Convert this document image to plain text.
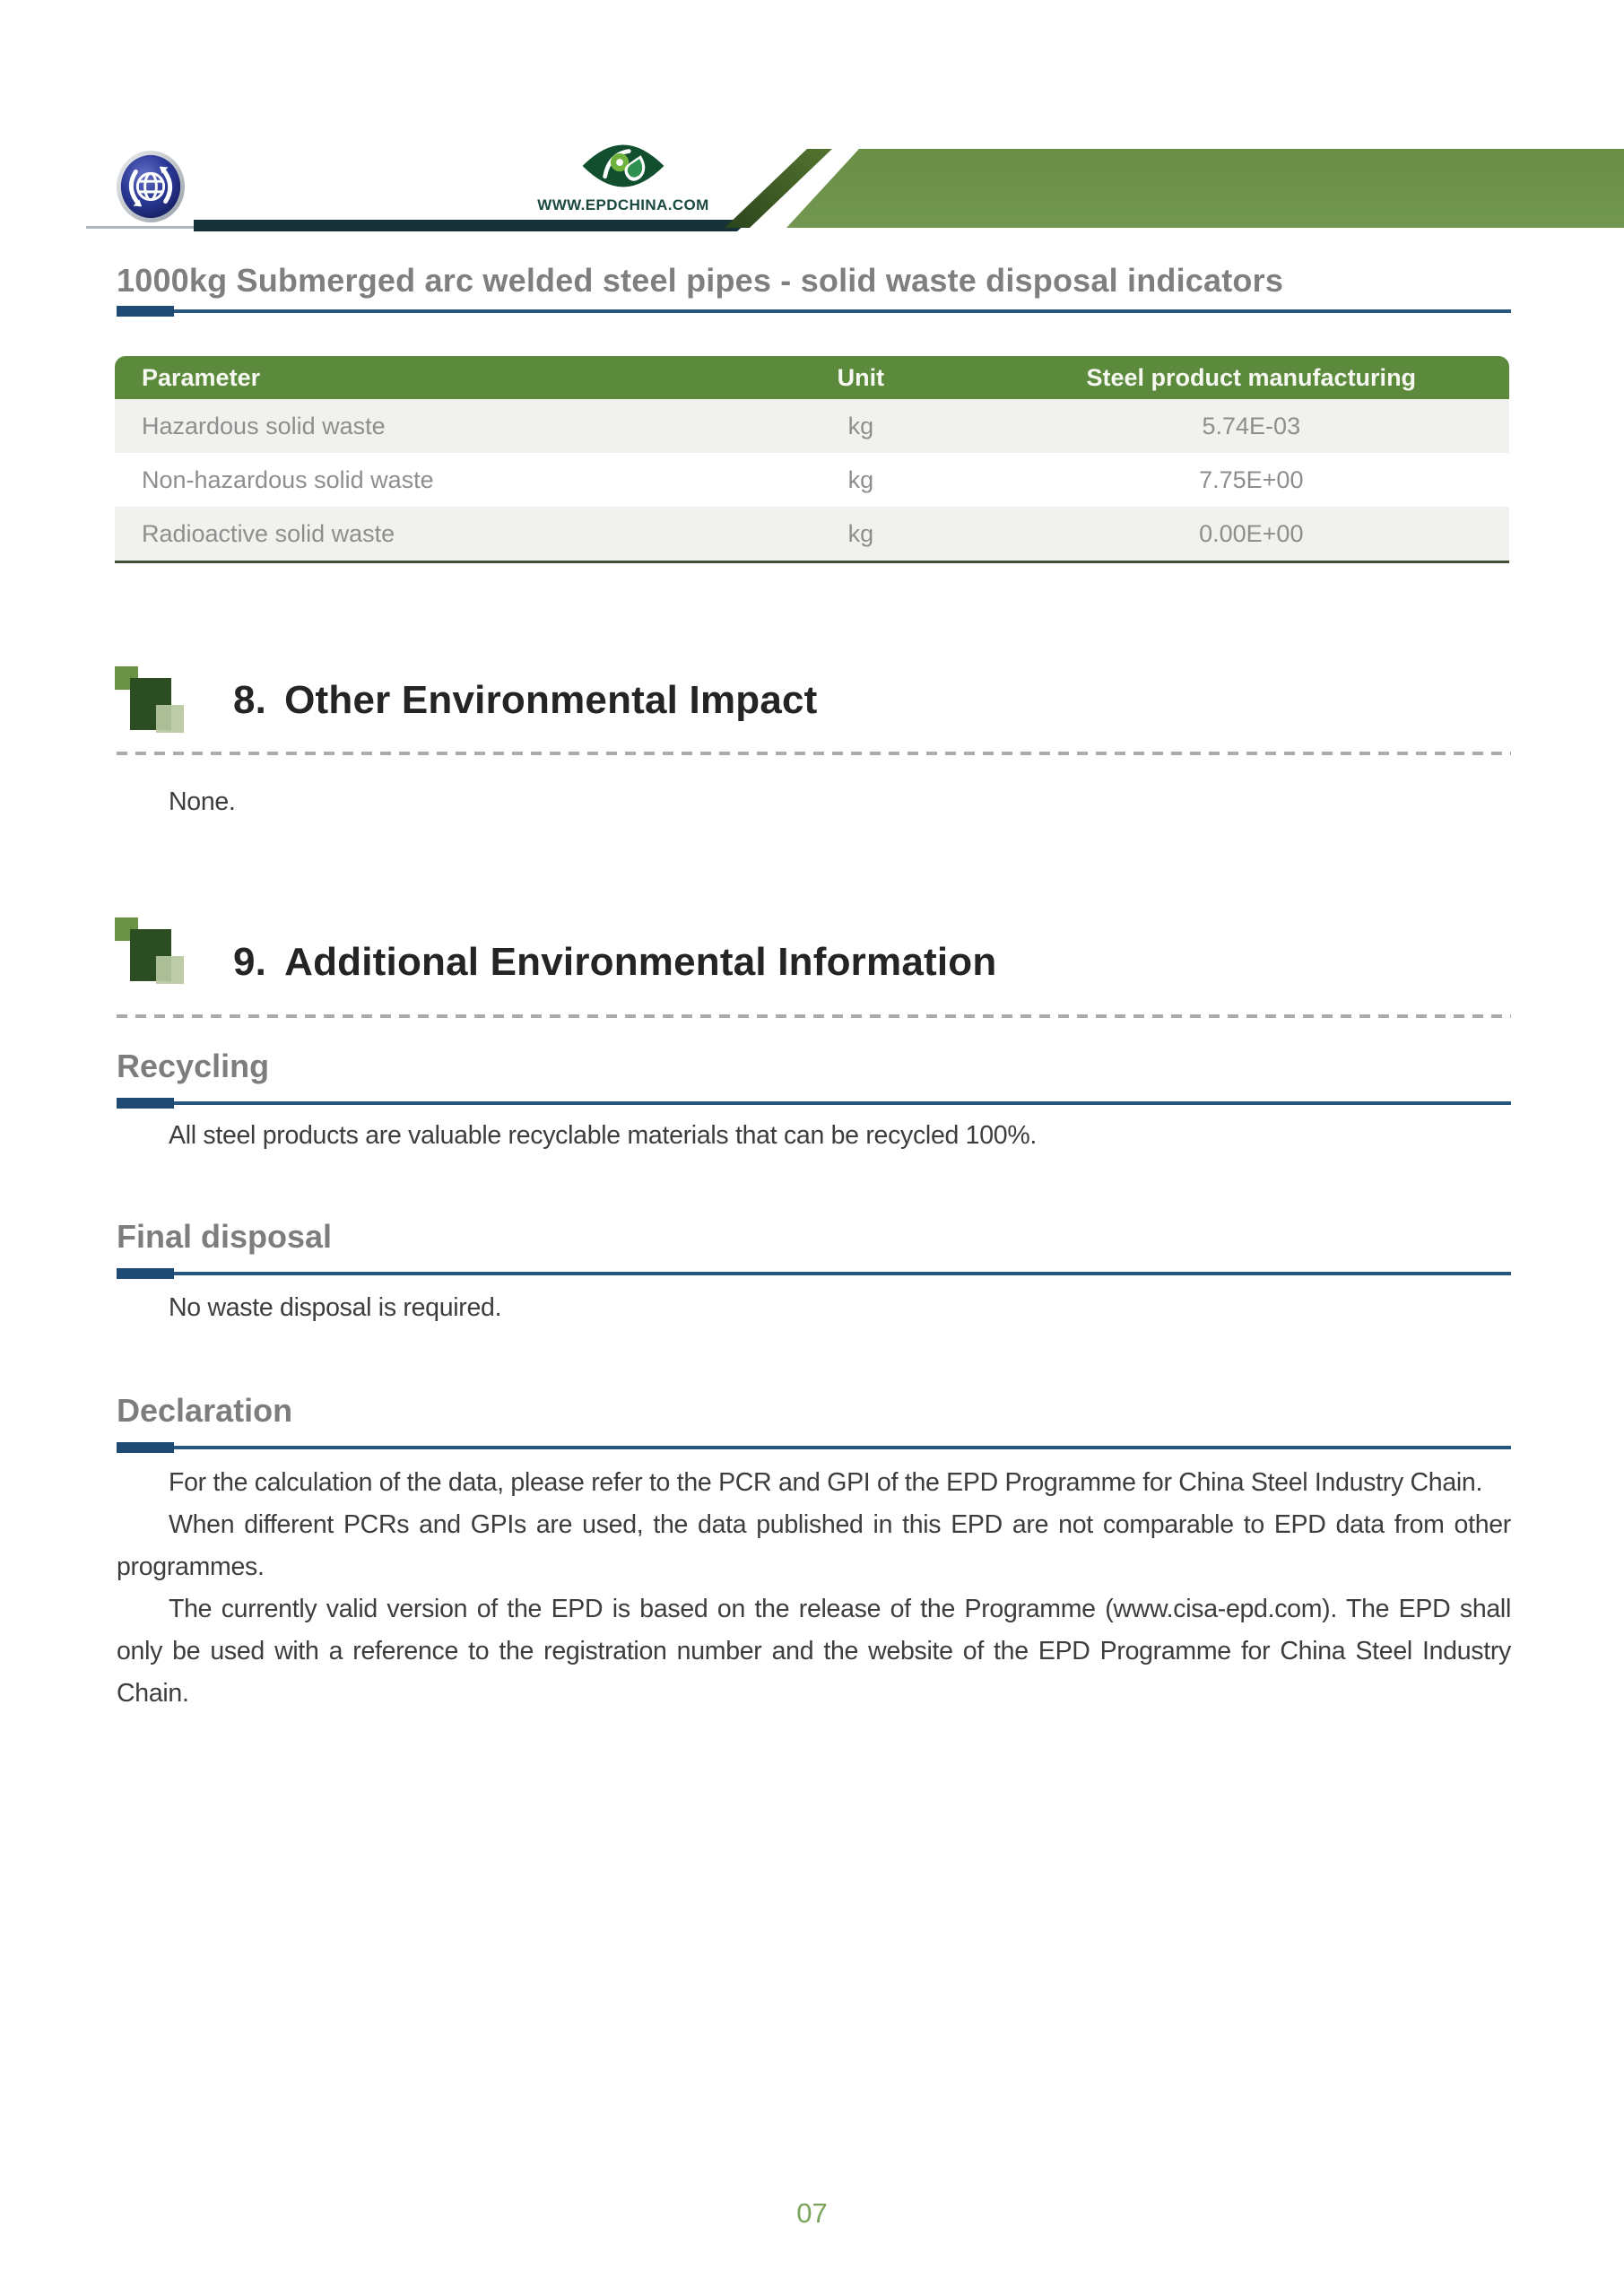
WWW.EPDCHINA.COM
1000kg Submerged arc welded steel pipes - solid waste disposal indicators
Parameter	Unit	Steel product manufacturing
Hazardous solid waste	kg	5.74E-03
Non-hazardous solid waste	kg	7.75E+00
Radioactive solid waste	kg	0.00E+00
8. Other Environmental Impact
None.
9. Additional Environmental Information
Recycling
All steel products are valuable recyclable materials that can be recycled 100%.
Final disposal
No waste disposal is required.
Declaration

For the calculation of the data, please refer to the PCR and GPI of the EPD Programme for China Steel Industry Chain.

When different PCRs and GPIs are used, the data published in this EPD are not comparable to EPD data from other programmes.

The currently valid version of the EPD is based on the release of the Programme (www.cisa-epd.com). The EPD shall only be used with a reference to the registration number and the website of the EPD Programme for China Steel Industry Chain.

07
